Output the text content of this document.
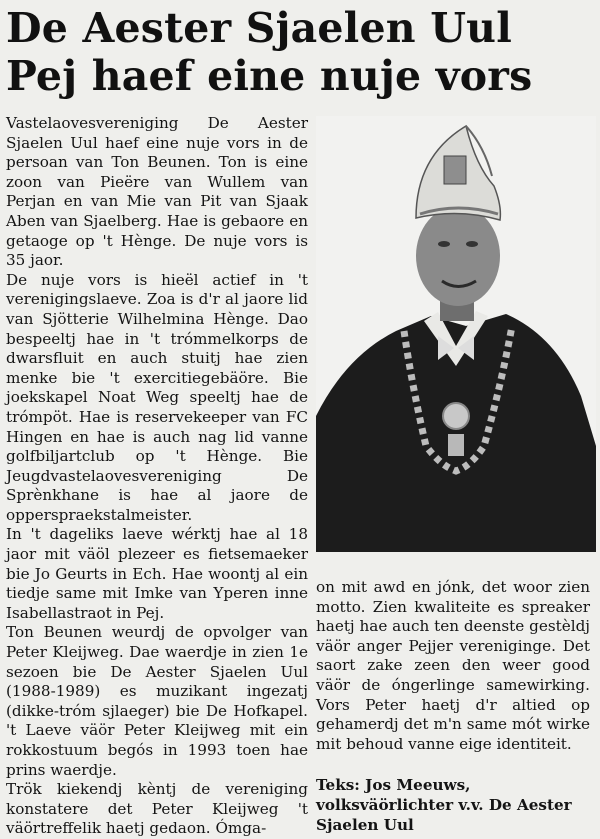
De Aester Sjaelen Uul
Pej haef eine nuje vors

Vastelaovesvereniging De Aester Sjaelen Uul haef eine nuje vors in de persoan van Ton Beunen. Ton is eine zoon van Pieëre van Wullem van Perjan en van Mie van Pit van Sjaak Aben van Sjaelberg. Hae is gebaore en getaoge op 't Hènge. De nuje vors is 35 jaor.

De nuje vors is hieël actief in 't verenigingslaeve. Zoa is d'r al jaore lid van Sjötterie Wilhelmina Hènge. Dao bespeeltj hae in 't trómmelkorps de dwarsfluit en auch stuitj hae zien menke bie 't exercitiegebäöre. Bie joekskapel Noat Weg speeltj hae de trómpöt. Hae is reservekeeper van FC Hingen en hae is auch nag lid vanne golfbiljartclub op 't Hènge. Bie Jeugdvastelaovesvereniging De Sprènkhane is hae al jaore de opperspraekstalmeister.

In 't dageliks laeve wérktj hae al 18 jaor mit väöl plezeer es fietsemaeker bie Jo Geurts in Ech. Hae woontj al ein tiedje same mit Imke van Yperen inne Isabellastraot in Pej.

Ton Beunen weurdj de opvolger van Peter Kleijweg. Dae waerdje in zien 1e sezoen bie De Aester Sjaelen Uul (1988-1989) es muzikant ingezatj (dikke-tróm sjlaeger) bie De Hofkapel. 't Laeve väör Peter Kleijweg mit ein rokkostuum begós in 1993 toen hae prins waerdje.

Trök kiekendj kèntj de vereniging konstatere det Peter Kleijweg 't väörtreffelik haetj gedaon. Ómga-

on mit awd en jónk, det woor zien motto. Zien kwaliteite es spreaker haetj hae auch ten deenste gestèldj väör anger Pejjer vereniginge. Det saort zake zeen den weer good väör de óngerlinge samewirking. Vors Peter haetj d'r altied op gehamerdj det m'n same mót wirke mit behoud vanne eige identiteit.

Teks: Jos Meeuws, volksväörlichter v.v. De Aester Sjaelen Uul
